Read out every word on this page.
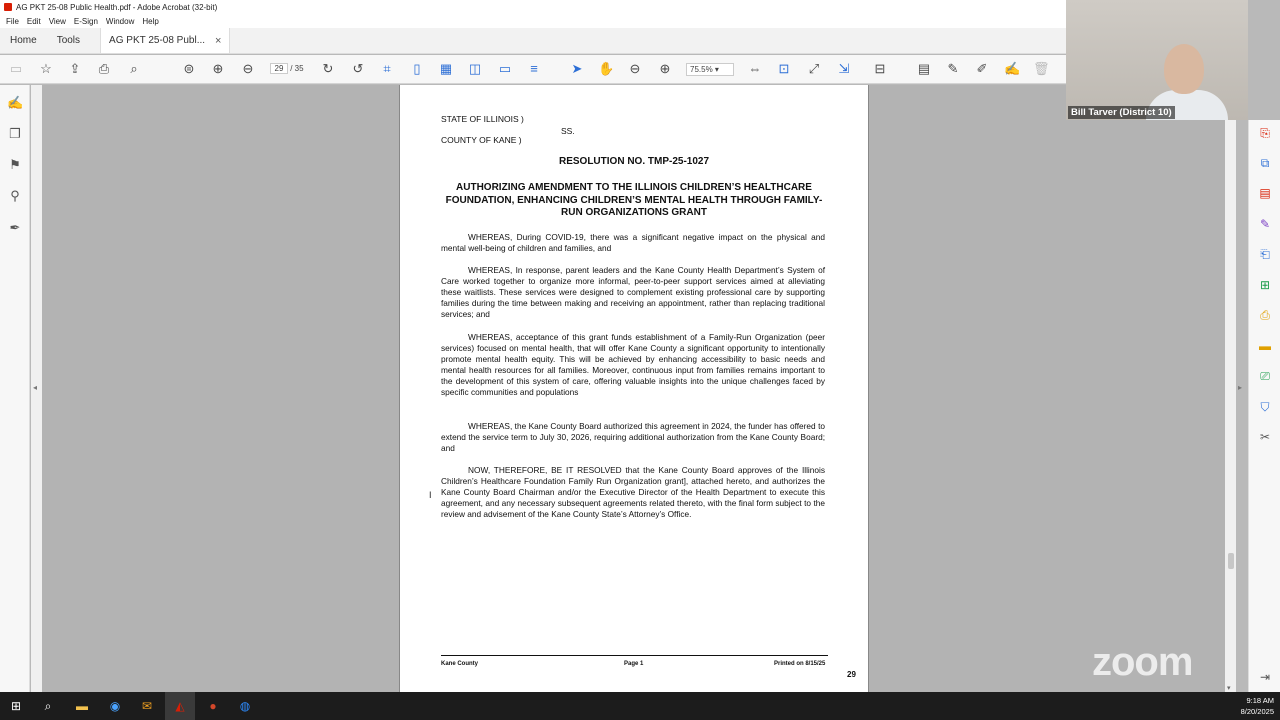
AG PKT 25-08 Public Health.pdf - Adobe Acrobat (32-bit)
File	Edit	View	E-Sign	Window	Help
Home	Tools	AG PKT 25-08 Publ... ×
▭ ☆ ⇪ ⎙	⌕	⊜ ⊕ ⊖	29 / 35 ↻ ↺	⌗	▯	▦ ◫ ▭	≡	➤ ✋ ⊖ ⊕	75.5% ▾	⇔ ⊡ ⤢ ⇲ ⊟ ▤ ✎ ✐ ✍ 🗑
✍
❐
⚑
⚲
✒
◂
STATE OF ILLINOIS )
SS.
COUNTY OF KANE )
RESOLUTION NO. TMP-25-1027
AUTHORIZING AMENDMENT TO THE ILLINOIS CHILDREN’S HEALTHCARE FOUNDATION, ENHANCING CHILDREN’S MENTAL HEALTH THROUGH FAMILY-RUN ORGANIZATIONS GRANT
WHEREAS, During COVID-19, there was a significant negative impact on the physical and mental well-being of children and families, and
WHEREAS, In response, parent leaders and the Kane County Health Department’s System of Care worked together to organize more informal, peer-to-peer support services aimed at alleviating these waitlists. These services were designed to complement existing professional care by supporting families during the time between making and receiving an appointment, rather than replacing traditional services; and
WHEREAS, acceptance of this grant funds establishment of a Family-Run Organization (peer services) focused on mental health, that will offer Kane County a significant opportunity to intentionally promote mental health equity. This will be achieved by enhancing accessibility to basic needs and mental health resources for all families. Moreover, continuous input from families remains important to the development of this system of care, offering valuable insights into the unique challenges faced by specific communities and populations
WHEREAS, the Kane County Board authorized this agreement in 2024, the funder has offered to extend the service term to July 30, 2026, requiring additional authorization from the Kane County Board; and
NOW, THEREFORE, BE IT RESOLVED that the Kane County Board approves of the Illinois Children’s Healthcare Foundation Family Run Organization grant], attached hereto, and authorizes the Kane County Board Chairman and/or the Executive Director of the Health Department to execute this agreement, and any necessary subsequent agreements related thereto, with the final form subject to the review and advisement of the Kane County State’s Attorney’s Office.
Kane County	Page 1	Printed on 8/15/25
29
I
▾
▸
⎘
⧉
▤
✎
⎗
⊞
⎙
▬
⎚
⛉
✂
⇥
Bill Tarver (District 10)
zoom
⊞	⌕	▬ ◉ ✉ ◭	●	◍	9:18 AM
8/20/2025
